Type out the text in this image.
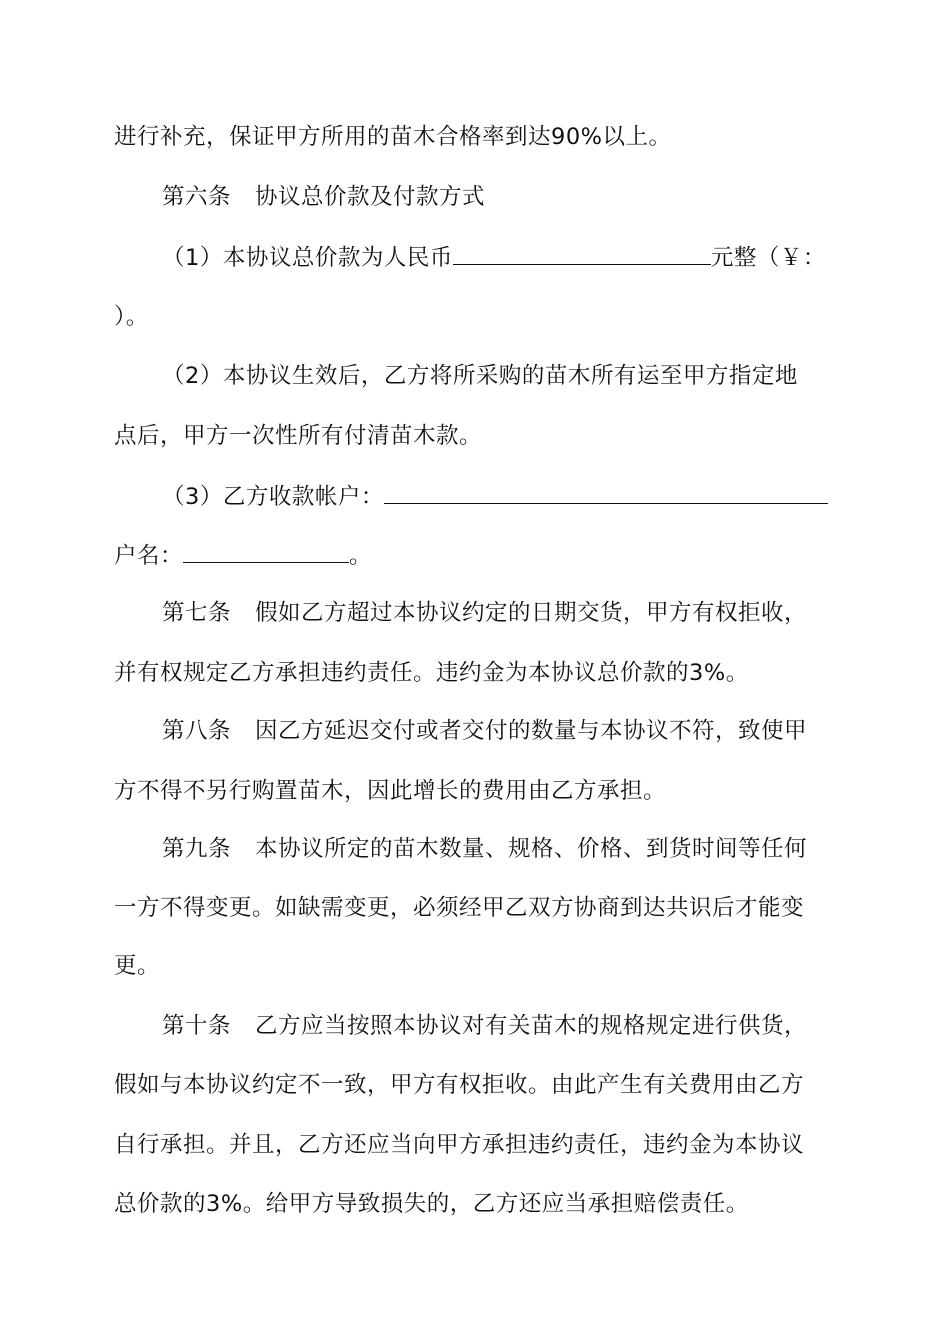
进行补充，保证甲方所用的苗木合格率到达90%以上。
第六条 协议总价款及付款方式
（1）本协议总价款为人民币	元整（￥：
）。
（2）本协议生效后，乙方将所采购的苗木所有运至甲方指定地
点后，甲方一次性所有付清苗木款。
（3）乙方收款帐户：
户名：	。
第七条 假如乙方超过本协议约定的日期交货，甲方有权拒收，
并有权规定乙方承担违约责任。违约金为本协议总价款的3%。
第八条 因乙方延迟交付或者交付的数量与本协议不符，致使甲
方不得不另行购置苗木，因此增长的费用由乙方承担。
第九条 本协议所定的苗木数量、规格、价格、到货时间等任何
一方不得变更。如缺需变更，必须经甲乙双方协商到达共识后才能变
更。
第十条 乙方应当按照本协议对有关苗木的规格规定进行供货，
假如与本协议约定不一致，甲方有权拒收。由此产生有关费用由乙方
自行承担。并且，乙方还应当向甲方承担违约责任，违约金为本协议
总价款的3%。给甲方导致损失的，乙方还应当承担赔偿责任。
